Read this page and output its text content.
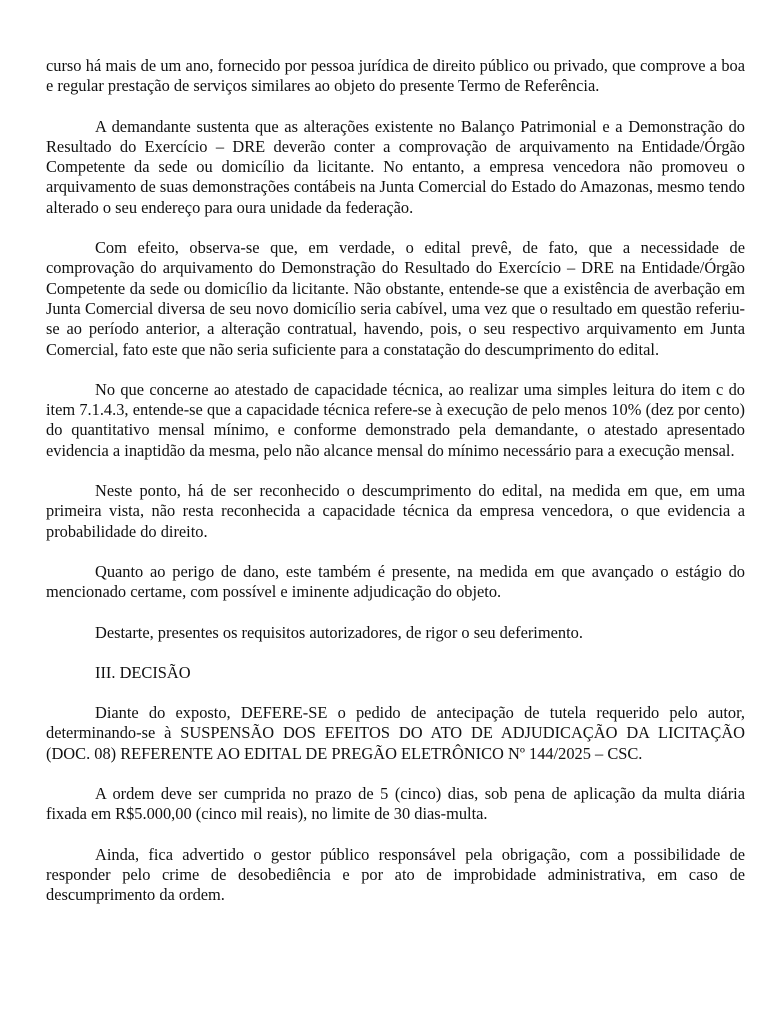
curso há mais de um ano, fornecido por pessoa jurídica de direito público ou privado, que comprove a boa e regular prestação de serviços similares ao objeto do presente Termo de Referência.

A demandante sustenta que as alterações existente no Balanço Patrimonial e a Demonstração do Resultado do Exercício – DRE deverão conter a comprovação de arquivamento na Entidade/Órgão Competente da sede ou domicílio da licitante. No entanto, a empresa vencedora não promoveu o arquivamento de suas demonstrações contábeis na Junta Comercial do Estado do Amazonas, mesmo tendo alterado o seu endereço para oura unidade da federação.

Com efeito, observa-se que, em verdade, o edital prevê, de fato, que a necessidade de comprovação do arquivamento do Demonstração do Resultado do Exercício – DRE na Entidade/Órgão Competente da sede ou domicílio da licitante. Não obstante, entende-se que a existência de averbação em Junta Comercial diversa de seu novo domicílio seria cabível, uma vez que o resultado em questão referiu-se ao período anterior, a alteração contratual, havendo, pois, o seu respectivo arquivamento em Junta Comercial, fato este que não seria suficiente para a constatação do descumprimento do edital.

No que concerne ao atestado de capacidade técnica, ao realizar uma simples leitura do item c do item 7.1.4.3, entende-se que a capacidade técnica refere-se à execução de pelo menos 10% (dez por cento) do quantitativo mensal mínimo, e conforme demonstrado pela demandante, o atestado apresentado evidencia a inaptidão da mesma, pelo não alcance mensal do mínimo necessário para a execução mensal.

Neste ponto, há de ser reconhecido o descumprimento do edital, na medida em que, em uma primeira vista, não resta reconhecida a capacidade técnica da empresa vencedora, o que evidencia a probabilidade do direito.

Quanto ao perigo de dano, este também é presente, na medida em que avançado o estágio do mencionado certame, com possível e iminente adjudicação do objeto.

Destarte, presentes os requisitos autorizadores, de rigor o seu deferimento.

III. DECISÃO

Diante do exposto, DEFERE-SE o pedido de antecipação de tutela requerido pelo autor, determinando-se à SUSPENSÃO DOS EFEITOS DO ATO DE ADJUDICAÇÃO DA LICITAÇÃO (DOC. 08) REFERENTE AO EDITAL DE PREGÃO ELETRÔNICO Nº 144/2025 – CSC.

A ordem deve ser cumprida no prazo de 5 (cinco) dias, sob pena de aplicação da multa diária fixada em R$5.000,00 (cinco mil reais), no limite de 30 dias-multa.

Ainda, fica advertido o gestor público responsável pela obrigação, com a possibilidade de responder pelo crime de desobediência e por ato de improbidade administrativa, em caso de descumprimento da ordem.
